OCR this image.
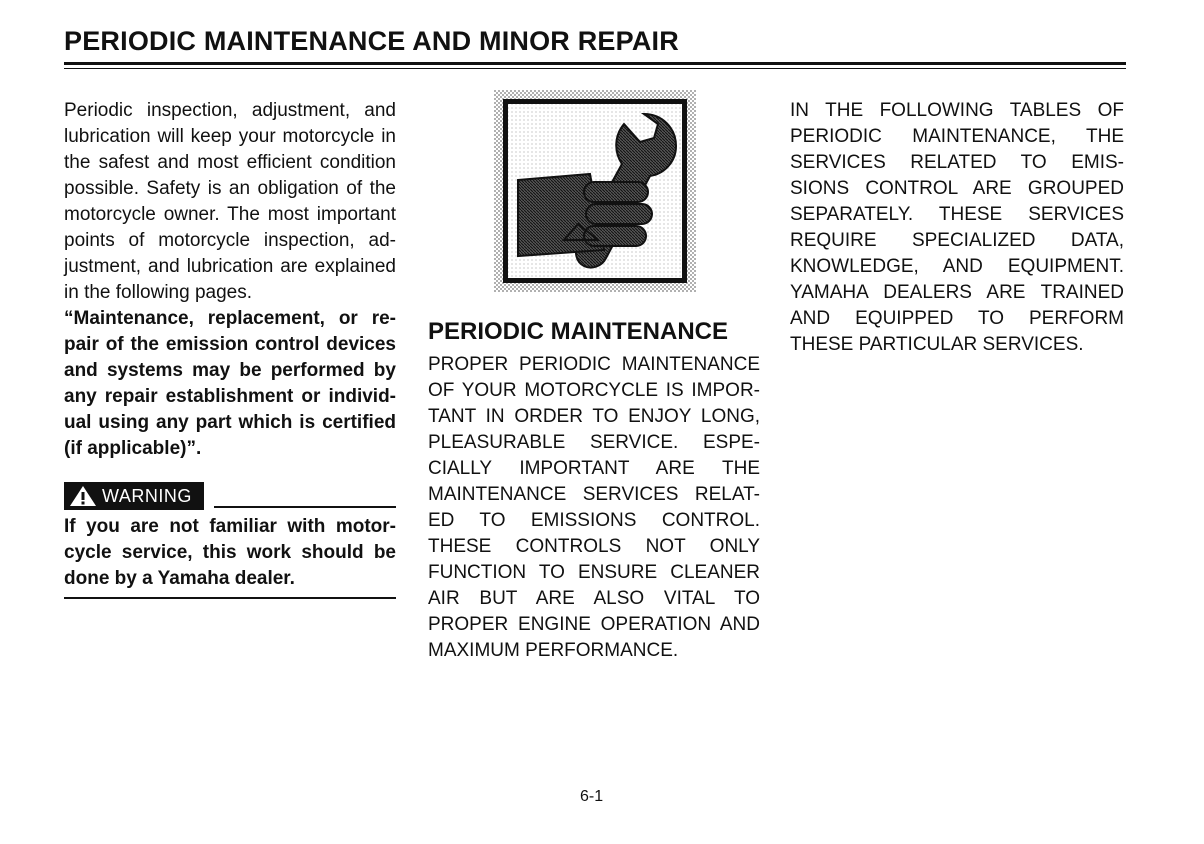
PERIODIC MAINTENANCE AND MINOR REPAIR
Periodic inspection, adjustment, and
lubrication will keep your motorcycle in
the safest and most efficient condition
possible. Safety is an obligation of the
motorcycle owner. The most important
points of motorcycle inspection, ad-
justment, and lubrication are explained
in the following pages.
“Maintenance, replacement, or re-
pair of the emission control devices
and systems may be performed by
any repair establishment or individ-
ual using any part which is certified
(if applicable)”.
WARNING
If you are not familiar with motor-
cycle service, this work should be
done by a Yamaha dealer.
PERIODIC MAINTENANCE
PROPER PERIODIC MAINTENANCE
OF YOUR MOTORCYCLE IS IMPOR-
TANT IN ORDER TO ENJOY LONG,
PLEASURABLE SERVICE. ESPE-
CIALLY IMPORTANT ARE THE
MAINTENANCE SERVICES RELAT-
ED TO EMISSIONS CONTROL.
THESE CONTROLS NOT ONLY
FUNCTION TO ENSURE CLEANER
AIR BUT ARE ALSO VITAL TO
PROPER ENGINE OPERATION AND
MAXIMUM PERFORMANCE.
IN THE FOLLOWING TABLES OF
PERIODIC MAINTENANCE, THE
SERVICES RELATED TO EMIS-
SIONS CONTROL ARE GROUPED
SEPARATELY. THESE SERVICES
REQUIRE SPECIALIZED DATA,
KNOWLEDGE, AND EQUIPMENT.
YAMAHA DEALERS ARE TRAINED
AND EQUIPPED TO PERFORM
THESE PARTICULAR SERVICES.
6-1
